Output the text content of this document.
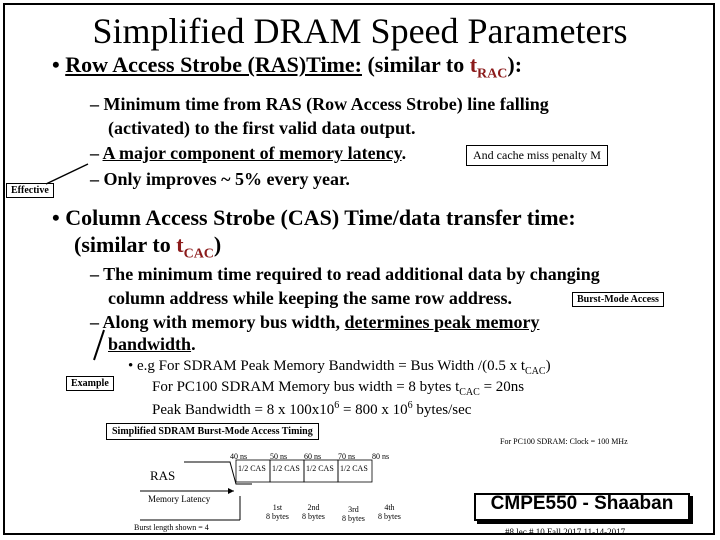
Simplified DRAM Speed Parameters
• Row Access Strobe (RAS)Time: (similar to $t_{RAC}$):
– Minimum time from RAS (Row Access Strobe) line falling
(activated) to the first valid data output.
– A major component of memory latency.
– Only improves ~ 5% every year.
And cache miss penalty M
Effective
• Column Access Strobe (CAS) Time/data transfer time:
(similar to $t_{CAC}$)
– The minimum time required to read additional data by changing
column address while keeping the same row address.	Burst-Mode Access
– Along with memory bus width, determines peak memory
bandwidth.
• e.g For SDRAM Peak Memory Bandwidth = Bus Width /(0.5 x $t_{CAC}$)
For PC100 SDRAM Memory bus width = 8 bytes $t_{CAC} = 20ns$
Peak Bandwidth = 8 x $100x10^6 = 800$ x $10^6$ bytes/sec
Example
Simplified SDRAM Burst-Mode Access Timing
For PC100 SDRAM: Clock = 100 MHz
40 ns	50 ns 60 ns 70 ns 80 ns
RAS	1/2 CAS 1/2 CAS 1/2 CAS 1/2 CAS
Memory Latency
Burst length shown = 4
1st
8 bytes
2nd
8 bytes
3rd
8 bytes
4th
8 bytes
CMPE550 - Shaaban
#8 lec # 10 Fall 2017 11-14-2017
